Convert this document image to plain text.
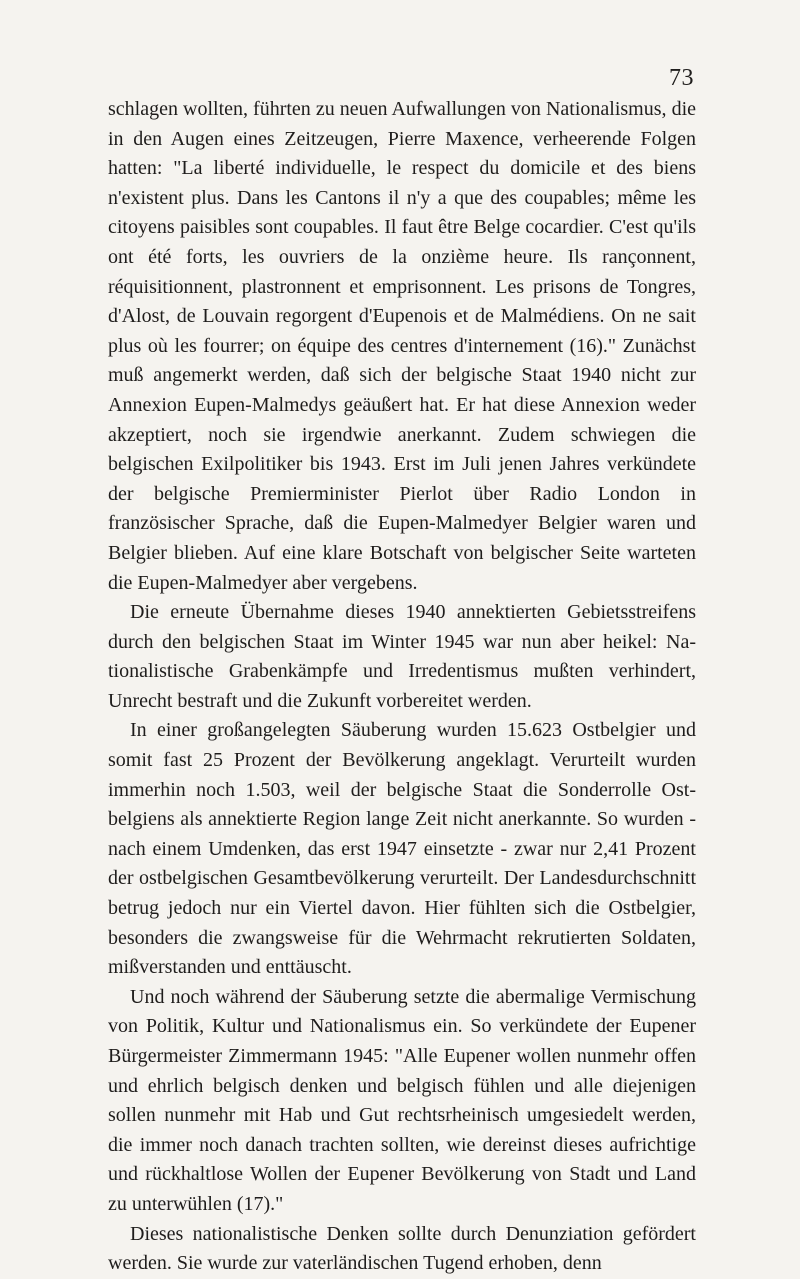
73

schlagen wollten, führten zu neuen Aufwallungen von Nationalismus, die in den Augen eines Zeitzeugen, Pierre Maxence, verheerende Folgen hatten: "La liberté individuelle, le respect du domicile et des biens n'existent plus. Dans les Cantons il n'y a que des coupables; même les citoyens paisibles sont coupables. Il faut être Belge cocardier. C'est qu'ils ont été forts, les ouvriers de la onzième heure. Ils rançonnent, réquisitionnent, plastronnent et emprisonnent. Les prisons de Tongres, d'Alost, de Louvain regorgent d'Eupenois et de Malmédiens. On ne sait plus où les fourrer; on équipe des centres d'internement (16)." Zunächst muß angemerkt werden, daß sich der belgische Staat 1940 nicht zur Annexion Eupen-Malmedys geäußert hat. Er hat diese Annexion weder akzeptiert, noch sie irgendwie anerkannt. Zudem schwiegen die belgischen Exilpolitiker bis 1943. Erst im Juli jenen Jahres verkündete der belgische Premierminister Pierlot über Radio London in französischer Sprache, daß die Eupen-Malmedyer Belgier waren und Belgier blieben. Auf eine klare Botschaft von belgischer Seite warteten die Eupen-Malmedyer aber vergebens.

Die erneute Übernahme dieses 1940 annektierten Gebietsstreifens durch den belgischen Staat im Winter 1945 war nun aber heikel: Nationalistische Grabenkämpfe und Irredentismus mußten verhindert, Unrecht bestraft und die Zukunft vorbereitet werden.

In einer großangelegten Säuberung wurden 15.623 Ostbelgier und somit fast 25 Prozent der Bevölkerung angeklagt. Verurteilt wurden immerhin noch 1.503, weil der belgische Staat die Sonderrolle Ostbelgiens als annektierte Region lange Zeit nicht anerkannte. So wurden - nach einem Umdenken, das erst 1947 einsetzte - zwar nur 2,41 Prozent der ostbelgischen Gesamtbevölkerung verurteilt. Der Landesdurchschnitt betrug jedoch nur ein Viertel davon. Hier fühlten sich die Ostbelgier, besonders die zwangsweise für die Wehrmacht rekrutierten Soldaten, mißverstanden und enttäuscht.

Und noch während der Säuberung setzte die abermalige Vermischung von Politik, Kultur und Nationalismus ein. So verkündete der Eupener Bürgermeister Zimmermann 1945: "Alle Eupener wollen nunmehr offen und ehrlich belgisch denken und belgisch fühlen und alle diejenigen sollen nunmehr mit Hab und Gut rechtsrheinisch umgesiedelt werden, die immer noch danach trachten sollten, wie dereinst dieses aufrichtige und rückhaltlose Wollen der Eupener Bevölkerung von Stadt und Land zu unterwühlen (17)."

Dieses nationalistische Denken sollte durch Denunziation gefördert werden. Sie wurde zur vaterländischen Tugend erhoben, denn
